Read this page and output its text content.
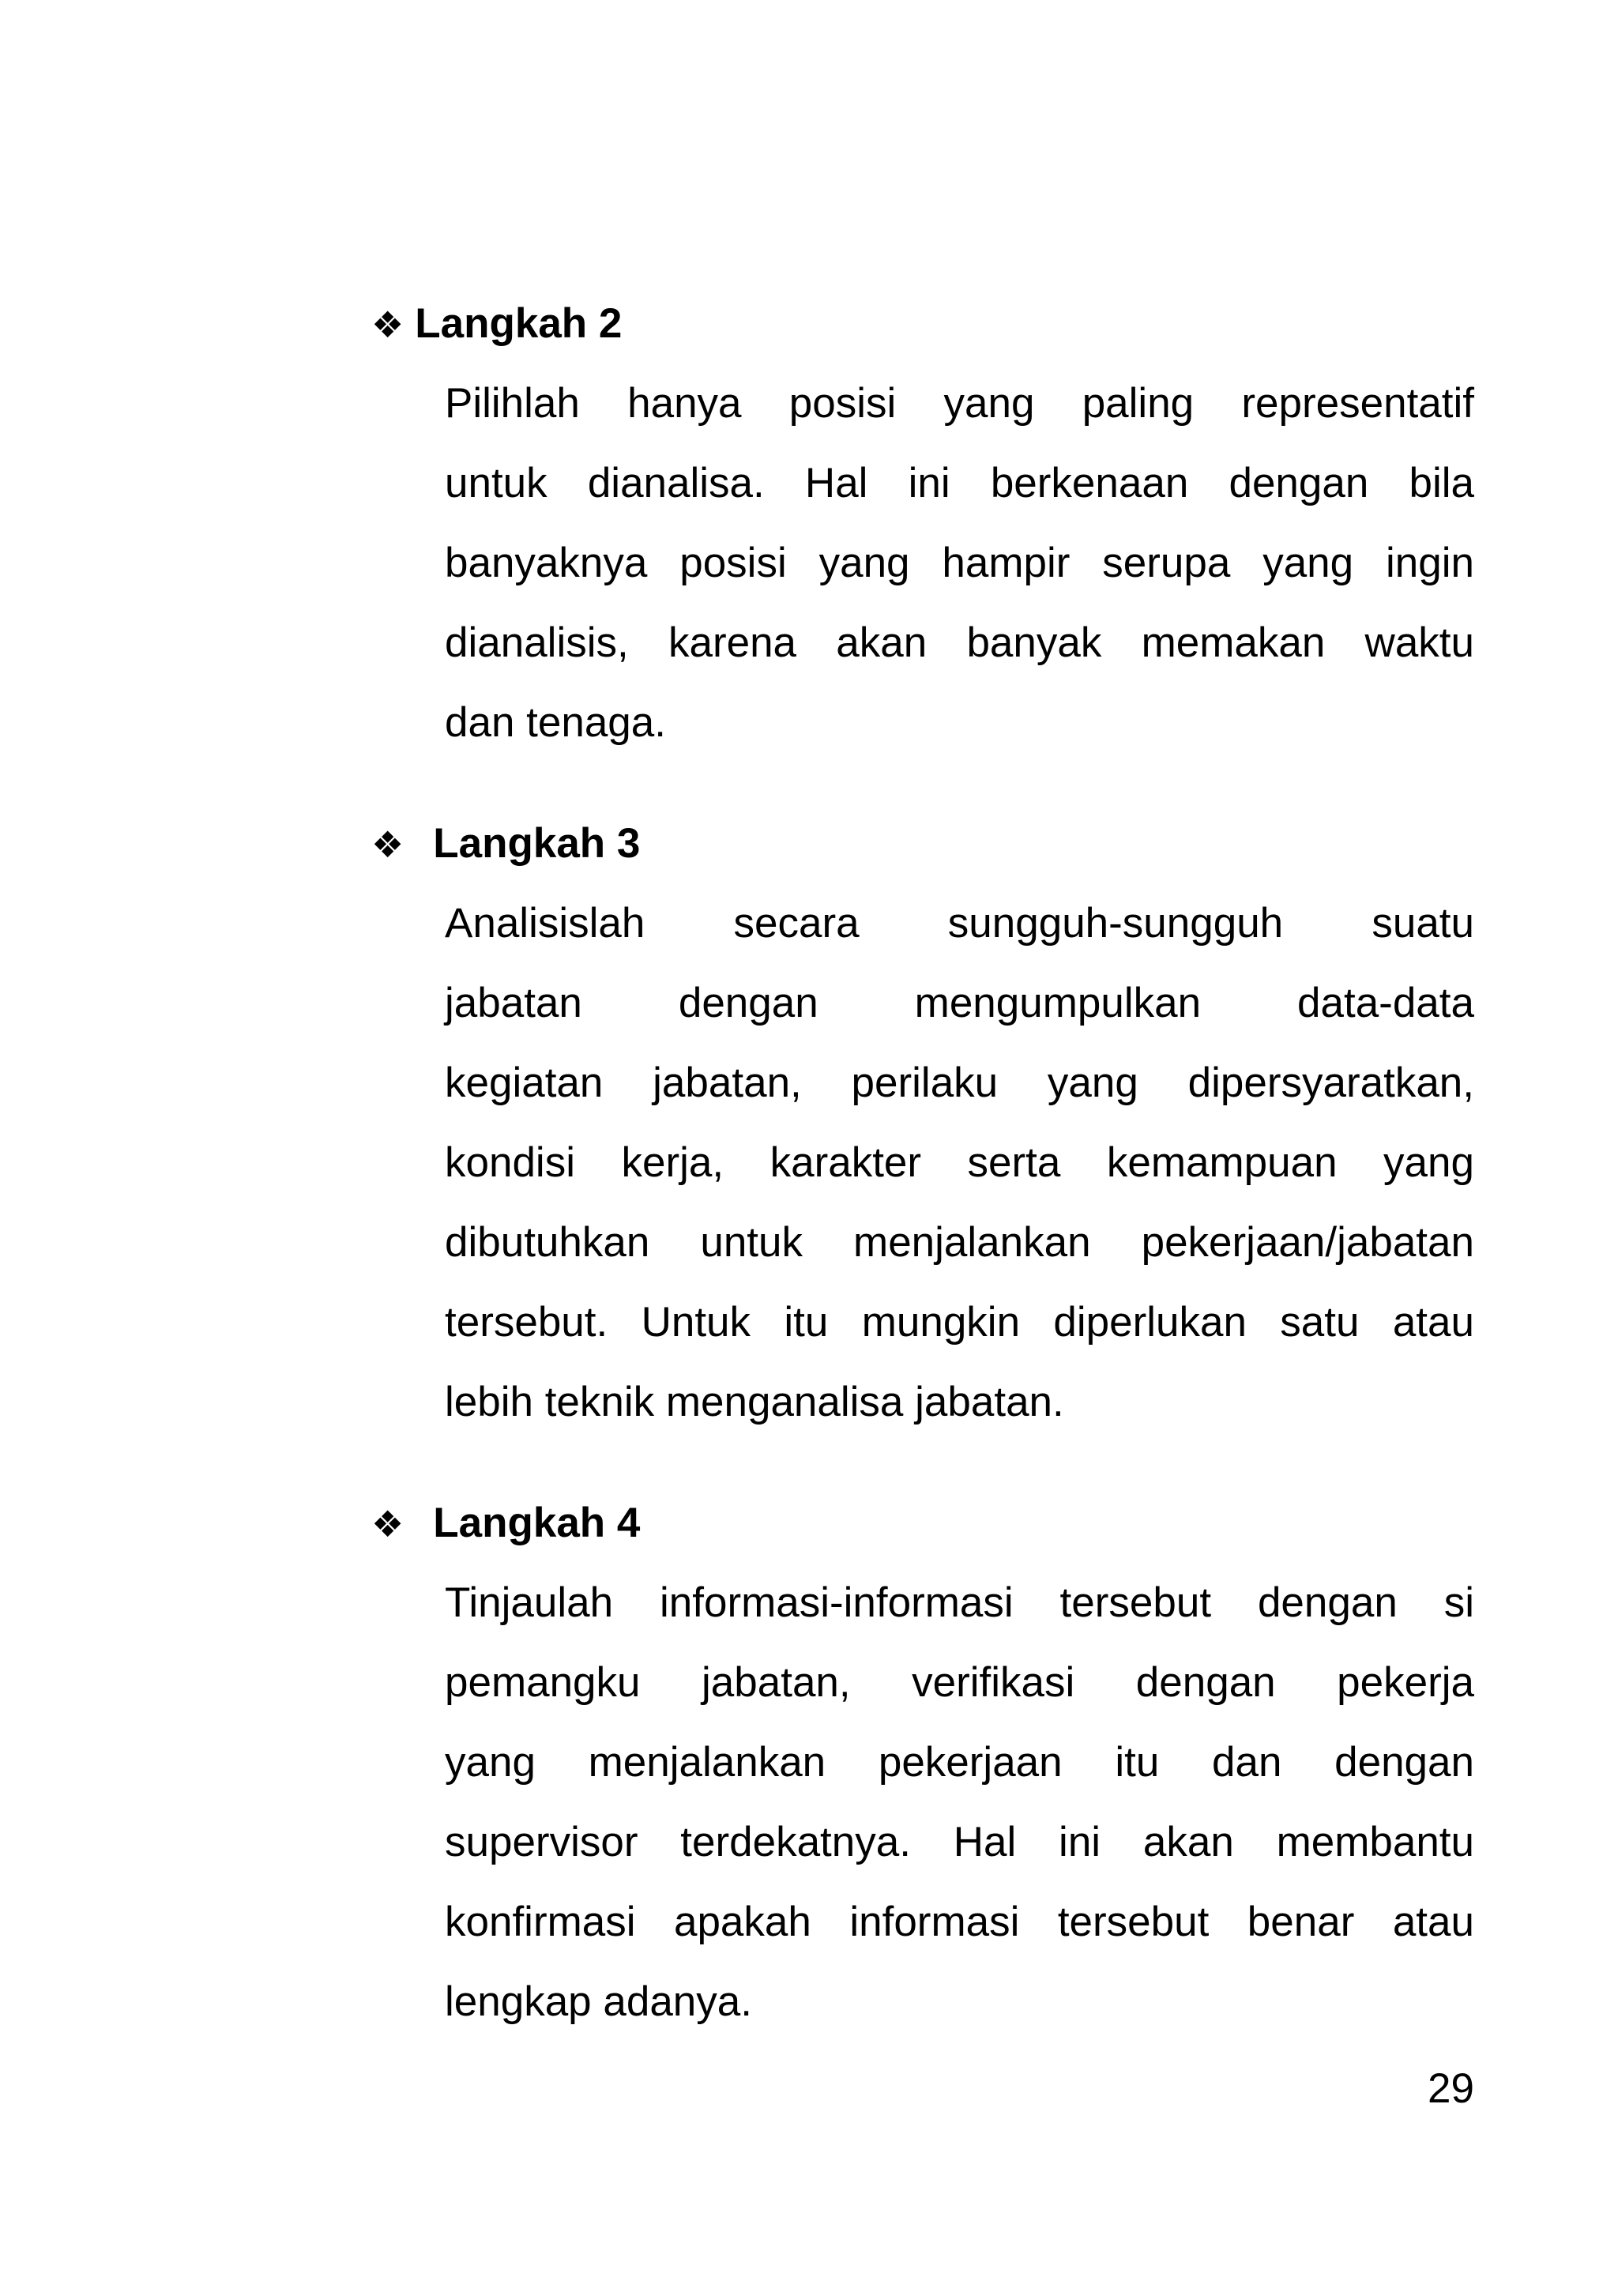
❖ Langkah 2
Pilihlah hanya posisi yang paling representatif
untuk dianalisa. Hal ini berkenaan dengan bila
banyaknya posisi yang hampir serupa yang ingin
dianalisis, karena akan banyak memakan waktu
dan tenaga.
❖ Langkah 3
Analisislah secara sungguh-sungguh suatu
jabatan dengan mengumpulkan data-data
kegiatan jabatan, perilaku yang dipersyaratkan,
kondisi kerja, karakter serta kemampuan yang
dibutuhkan untuk menjalankan pekerjaan/jabatan
tersebut. Untuk itu mungkin diperlukan satu atau
lebih teknik menganalisa jabatan.
❖ Langkah 4
Tinjaulah informasi-informasi tersebut dengan si
pemangku jabatan, verifikasi dengan pekerja
yang menjalankan pekerjaan itu dan dengan
supervisor terdekatnya. Hal ini akan membantu
konfirmasi apakah informasi tersebut benar atau
lengkap adanya.
29
